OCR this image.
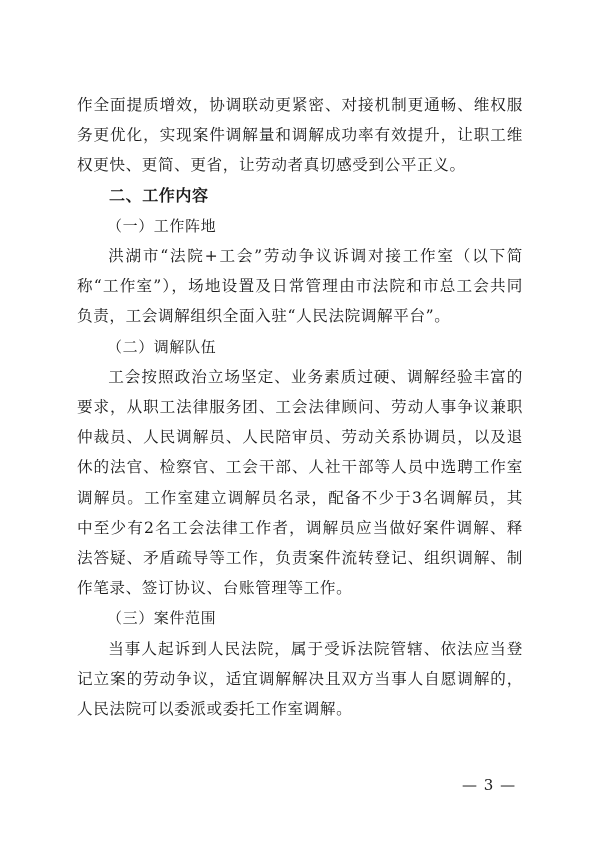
作全面提质增效，协调联动更紧密、对接机制更通畅、维权服务更优化，实现案件调解量和调解成功率有效提升，让职工维权更快、更简、更省，让劳动者真切感受到公平正义。

二、工作内容

（一）工作阵地

洪湖市“法院+工会”劳动争议诉调对接工作室（以下简称“工作室”），场地设置及日常管理由市法院和市总工会共同负责，工会调解组织全面入驻“人民法院调解平台”。

（二）调解队伍

工会按照政治立场坚定、业务素质过硬、调解经验丰富的要求，从职工法律服务团、工会法律顾问、劳动人事争议兼职仲裁员、人民调解员、人民陪审员、劳动关系协调员，以及退休的法官、检察官、工会干部、人社干部等人员中选聘工作室调解员。工作室建立调解员名录，配备不少于3名调解员，其中至少有2名工会法律工作者，调解员应当做好案件调解、释法答疑、矛盾疏导等工作，负责案件流转登记、组织调解、制作笔录、签订协议、台账管理等工作。

（三）案件范围

当事人起诉到人民法院，属于受诉法院管辖、依法应当登记立案的劳动争议，适宜调解解决且双方当事人自愿调解的，人民法院可以委派或委托工作室调解。

— 3 —
